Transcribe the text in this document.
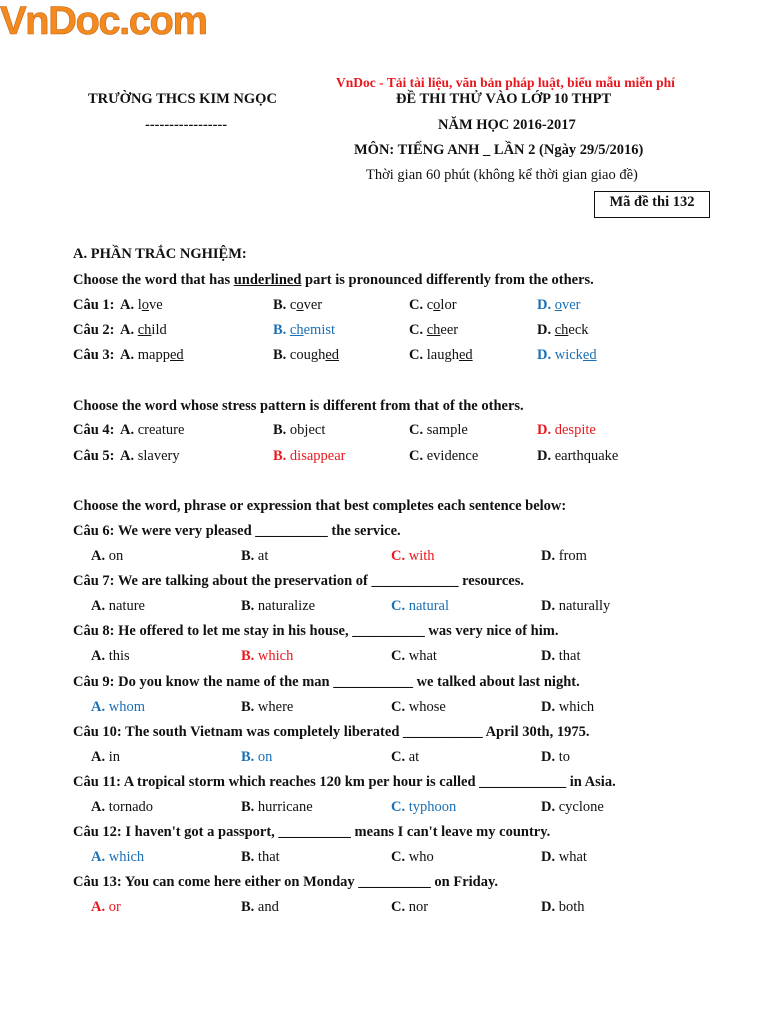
VnDoc.com
VnDoc - Tải tài liệu, văn bản pháp luật, biểu mẫu miễn phí
TRƯỜNG THCS KIM NGỌC
-----------------
ĐỀ THI THỬ VÀO LỚP 10 THPT
NĂM HỌC 2016-2017
MÔN: TIẾNG ANH _ LẦN 2 (Ngày 29/5/2016)
Thời gian 60 phút (không kể thời gian giao đề)
Mã đề thi 132
A. PHẦN TRẮC NGHIỆM:
Choose the word that has underlined part is pronounced differently from the others.
Choose the word whose stress pattern is different from that of the others.
Choose the word, phrase or expression that best completes each sentence below:
Câu 1: A. love	B. cover	C. color	D. over
Câu 2: A. child	B. chemist	C. cheer	D. check
Câu 3: A. mapped	B. coughed	C. laughed	D. wicked
Câu 4: A. creature	B. object	C. sample	D. despite
Câu 5: A. slavery	B. disappear	C. evidence	D. earthquake
Câu 6: We were very pleased __________ the service.
A. on	B. at	C. with	D. from
Câu 7: We are talking about the preservation of ____________ resources.
A. nature	B. naturalize	C. natural	D. naturally
Câu 8: He offered to let me stay in his house, __________ was very nice of him.
A. this	B. which	C. what	D. that
Câu 9: Do you know the name of the man ___________ we talked about last night.
A. whom	B. where	C. whose	D. which
Câu 10: The south Vietnam was completely liberated ___________ April 30th, 1975.
A. in	B. on	C. at	D. to
Câu 11: A tropical storm which reaches 120 km per hour is called ____________ in Asia.
A. tornado	B. hurricane	C. typhoon	D. cyclone
Câu 12: I haven't got a passport, __________ means I can't leave my country.
A. which	B. that	C. who	D. what
Câu 13: You can come here either on Monday __________ on Friday.
A. or	B. and	C. nor	D. both
